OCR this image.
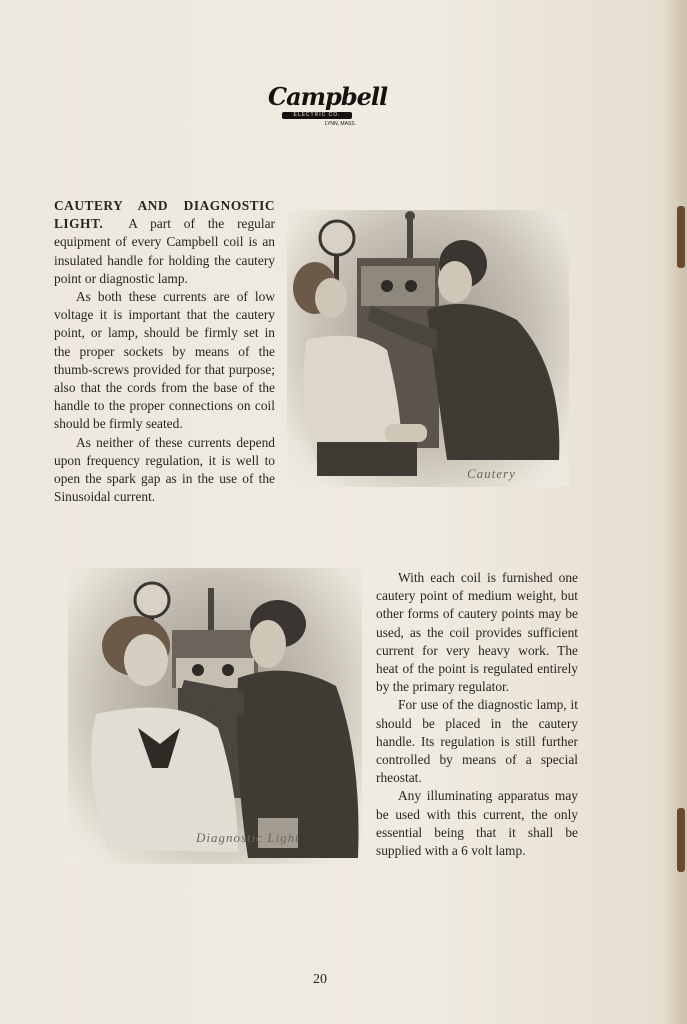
Campbell
ELECTRIC CO.
LYNN, MASS.

CAUTERY AND DIAGNOSTIC LIGHT. A part of the regular equipment of every Campbell coil is an insulated handle for holding the cautery point or diagnostic lamp.

As both these currents are of low voltage it is important that the cautery point, or lamp, should be firmly set in the proper sockets by means of the thumb-screws provided for that purpose; also that the cords from the base of the handle to the proper connections on coil should be firmly seated.

As neither of these currents depend upon frequency regulation, it is well to open the spark gap as in the use of the Sinusoidal current.

Cautery
Diagnostic Light

With each coil is furnished one cautery point of medium weight, but other forms of cautery points may be used, as the coil provides sufficient current for very heavy work. The heat of the point is regulated entirely by the primary regulator.

For use of the diagnostic lamp, it should be placed in the cautery handle. Its regulation is still further controlled by means of a special rheostat.

Any illuminating apparatus may be used with this current, the only essential being that it shall be supplied with a 6 volt lamp.

20
